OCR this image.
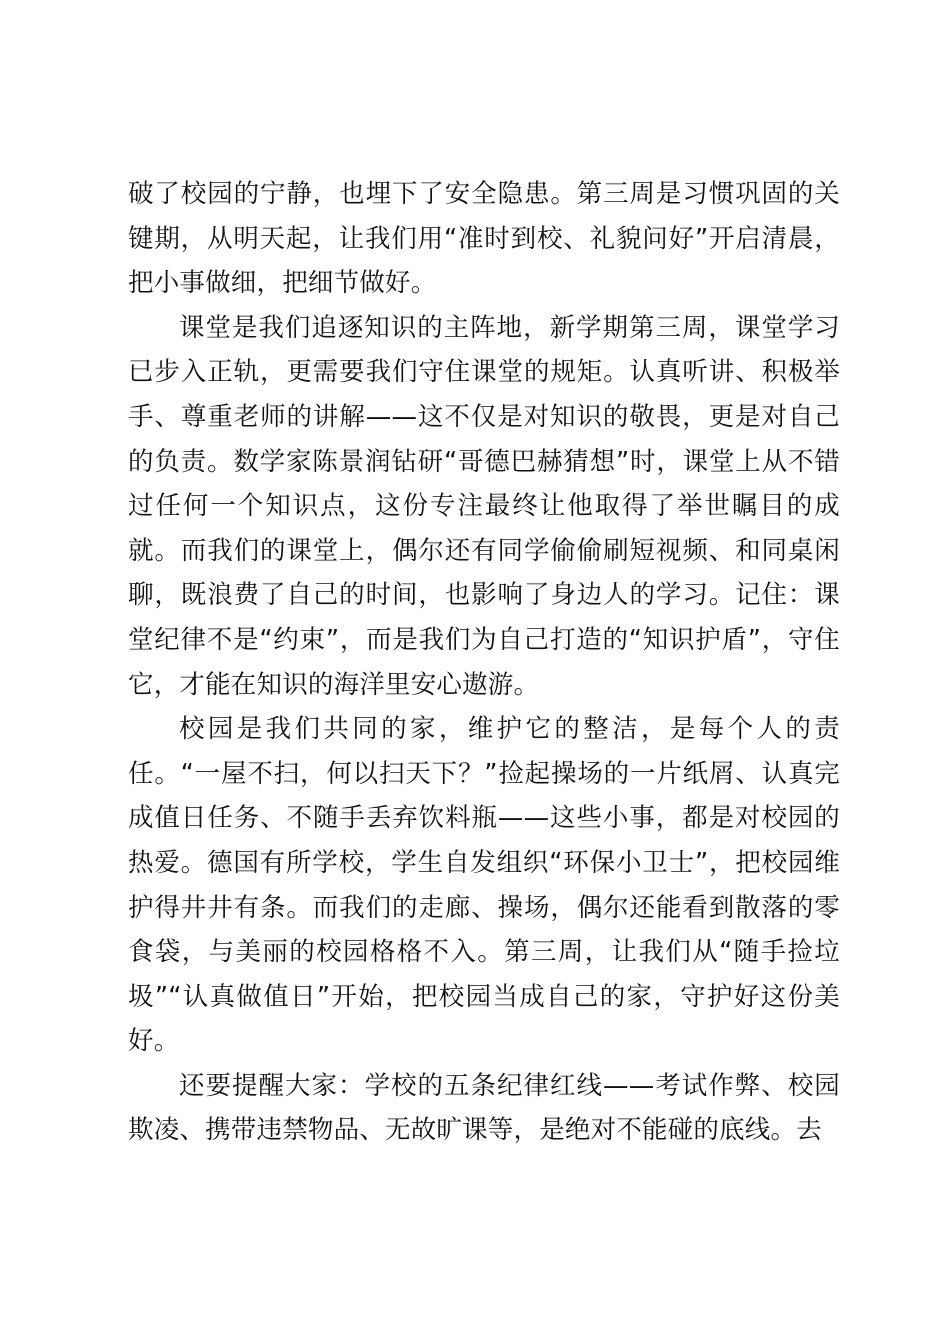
破了校园的宁静，也埋下了安全隐患。第三周是习惯巩固的关键期，从明天起，让我们用“准时到校、礼貌问好”开启清晨，把小事做细，把细节做好。

课堂是我们追逐知识的主阵地，新学期第三周，课堂学习已步入正轨，更需要我们守住课堂的规矩。认真听讲、积极举手、尊重老师的讲解——这不仅是对知识的敬畏，更是对自己的负责。数学家陈景润钻研“哥德巴赫猜想”时，课堂上从不错过任何一个知识点，这份专注最终让他取得了举世瞩目的成就。而我们的课堂上，偶尔还有同学偷偷刷短视频、和同桌闲聊，既浪费了自己的时间，也影响了身边人的学习。记住：课堂纪律不是“约束”，而是我们为自己打造的“知识护盾”，守住它，才能在知识的海洋里安心遨游。

校园是我们共同的家，维护它的整洁，是每个人的责任。“一屋不扫，何以扫天下？”捡起操场的一片纸屑、认真完成值日任务、不随手丢弃饮料瓶——这些小事，都是对校园的热爱。德国有所学校，学生自发组织“环保小卫士”，把校园维护得井井有条。而我们的走廊、操场，偶尔还能看到散落的零食袋，与美丽的校园格格不入。第三周，让我们从“随手捡垃圾”“认真做值日”开始，把校园当成自己的家，守护好这份美好。

还要提醒大家：学校的五条纪律红线——考试作弊、校园欺凌、携带违禁物品、无故旷课等，是绝对不能碰的底线。去
